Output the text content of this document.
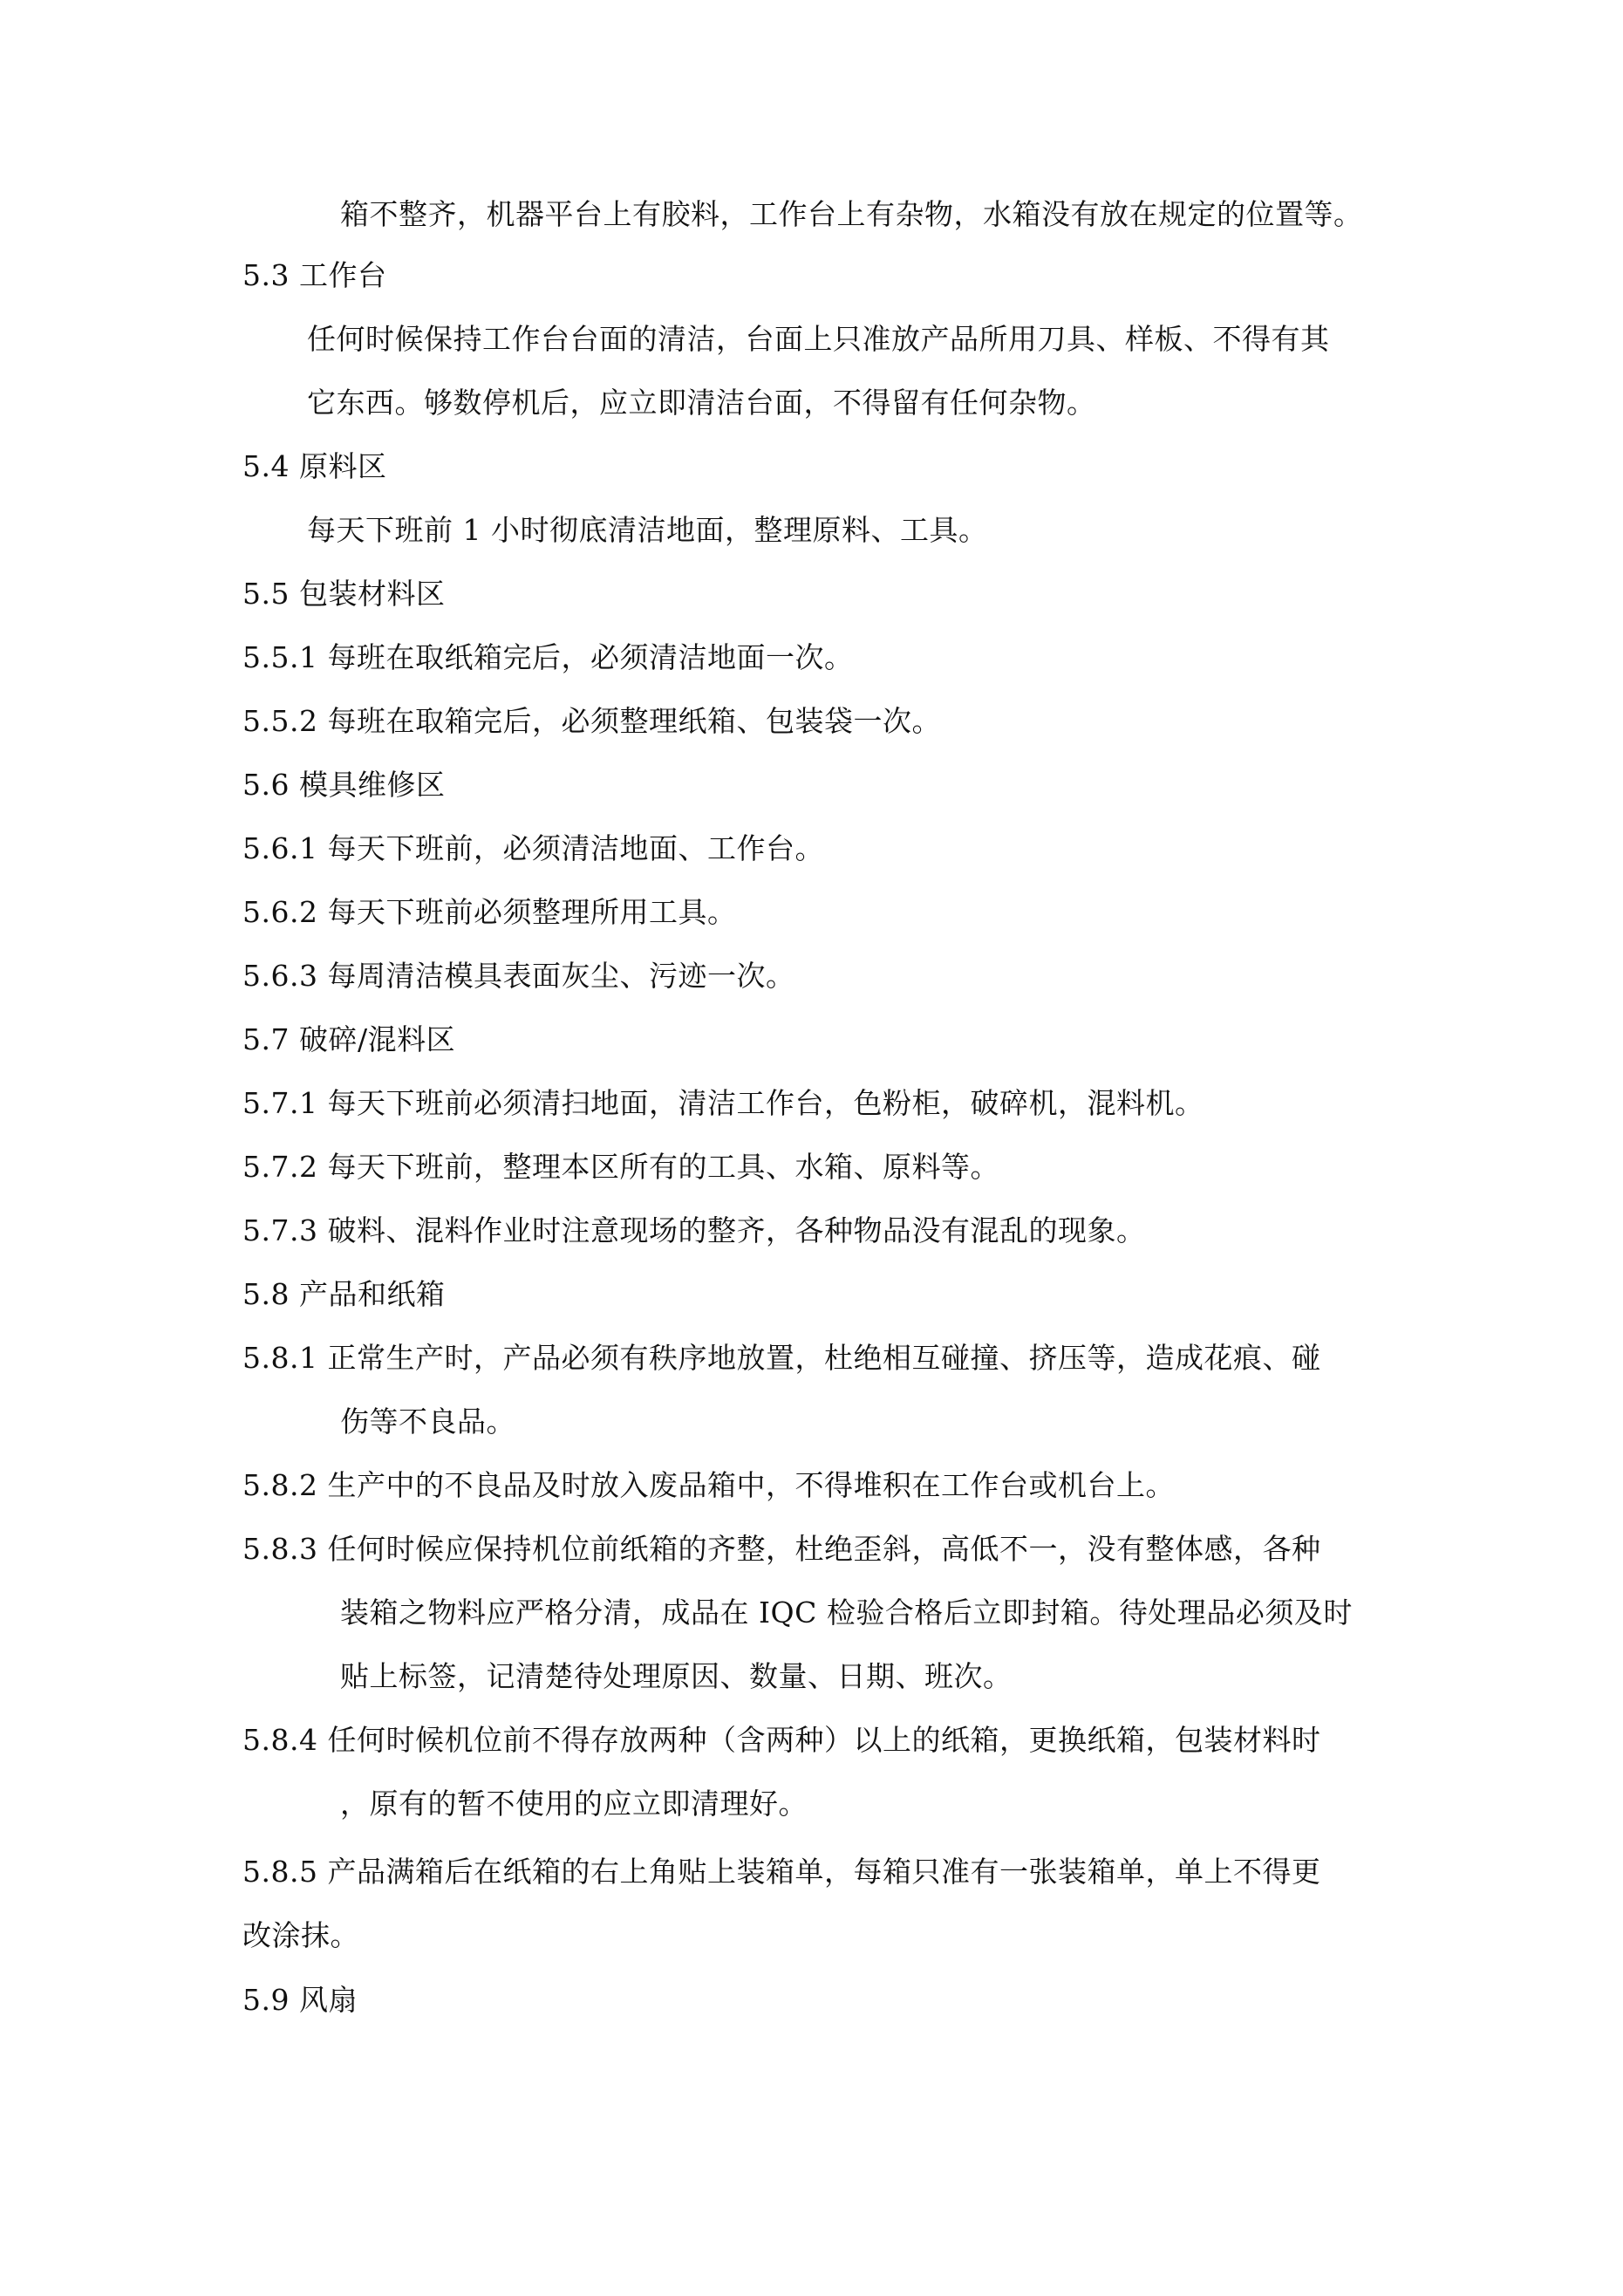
箱不整齐，机器平台上有胶料，工作台上有杂物，水箱没有放在规定的位置等。
5.3 工作台
任何时候保持工作台台面的清洁，台面上只准放产品所用刀具、样板、不得有其
它东西。够数停机后，应立即清洁台面，不得留有任何杂物。
5.4 原料区
每天下班前 1 小时彻底清洁地面，整理原料、工具。
5.5 包装材料区
5.5.1 每班在取纸箱完后，必须清洁地面一次。
5.5.2 每班在取箱完后，必须整理纸箱、包装袋一次。
5.6 模具维修区
5.6.1 每天下班前，必须清洁地面、工作台。
5.6.2 每天下班前必须整理所用工具。
5.6.3 每周清洁模具表面灰尘、污迹一次。
5.7 破碎/混料区
5.7.1 每天下班前必须清扫地面，清洁工作台，色粉柜，破碎机，混料机。
5.7.2 每天下班前，整理本区所有的工具、水箱、原料等。
5.7.3 破料、混料作业时注意现场的整齐，各种物品没有混乱的现象。
5.8 产品和纸箱
5.8.1 正常生产时，产品必须有秩序地放置，杜绝相互碰撞、挤压等，造成花痕、碰
伤等不良品。
5.8.2 生产中的不良品及时放入废品箱中，不得堆积在工作台或机台上。
5.8.3 任何时候应保持机位前纸箱的齐整，杜绝歪斜，高低不一，没有整体感，各种
装箱之物料应严格分清，成品在 IQC 检验合格后立即封箱。待处理品必须及时
贴上标签，记清楚待处理原因、数量、日期、班次。
5.8.4 任何时候机位前不得存放两种（含两种）以上的纸箱，更换纸箱，包装材料时
，原有的暂不使用的应立即清理好。
5.8.5 产品满箱后在纸箱的右上角贴上装箱单，每箱只准有一张装箱单，单上不得更
改涂抹。
5.9 风扇
